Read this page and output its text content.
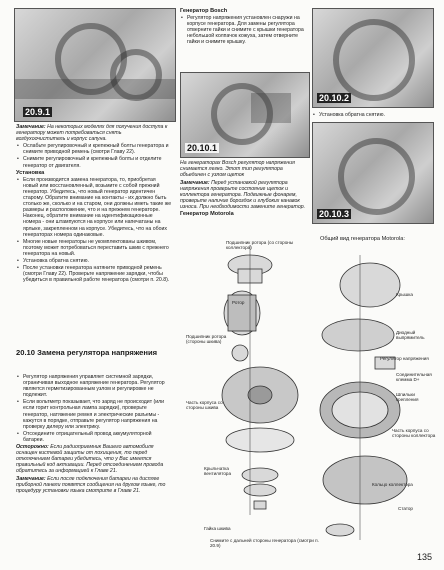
20.9.1

Замечание: На некоторых моделях для получения доступа к генератору может потребоваться снять воздухоочиститель и корпус сапуна.

• Ослабьте регулировочный и крепежный болты генератора и снимите приводной ремень (смотри Главу 22).
• Снимите регулировочный и крепежный болты и отделите генератор от двигателя.

Установка

• Если производится замена генератора, то, приобретая новый или восстановленный, возьмите с собой прежний генератор. Убедитесь, что новый генератор идентичен старому. Обратите внимание на контакты - их должно быть столько же, сколько и на старом, они должны иметь такие же размеры и расположение, что и на прежнем генераторе. Наконец, обратите внимание на идентификационные номера - они штампуются на корпусе или напечатаны на ярлыке, закрепленном на корпусе. Убедитесь, что на обоих генераторах номера одинаковые.
• Многие новые генераторы не укомплектованы шкивом, поэтому может потребоваться переставить шкив с прежнего генератора на новый.
• Установка обратна снятию.
• После установки генератора натяните приводной ремень (смотри Главу 22). Проверьте напряжение зарядки, чтобы убедиться в правильной работе генератора (смотри п. 20.8).
20.10 Замена регулятора напряжения
• Регулятор напряжения управляет системной зарядки, ограничивая выходное напряжение генератора. Регулятор является герметизированным узлом и регулировке не подлежит.
• Если вольтметр показывает, что заряд не происходит (или если горит контрольная лампа зарядки), проверьте генератор, натяжение ремня и электрические разъемы - кажутся в порядке, отправьте регулятор напряжения на проверку дилеру или электрику.
• Отсоедините отрицательный провод аккумуляторной батареи.

Осторожно: Если радиоприемник Вашего автомобиля оснащен кистевой защиты от похищения, то перед отключением батареи убедитесь, что у Вас имеется правильный код активации. Перед отсоединением провода обратитесь за информацией к Главе 21.

Замечание: Если после подключения батареи на дисплее приборной панели появятся сообщения на другом языке, то процедуру установки языка смотрите в Главе 21.

Генератор Bosch

• Регулятор напряжения установлен снаружи на корпусе генератора. Для замены регулятора отверните гайки и снимите с крышки генератора небольшой колпачок кожуха, затем отверните гайки и снимите крышку.
20.10.1
На генераторах Bosch регулятор напряжения снимается легко. Этот тип регулятора объединен с узлом щеток

Замечание: Перед установкой регулятора напряжения проверьте состояние щеток и коллектора генератора. Подвижные фонарем, проверьте наличие бороздок и глубоких канавок износа. При необходимости замените генератор.

Генератор Motorola

20.10.2
• Установка обратна снятию.
20.10.3
Общий вид генератора Motorola:
Подшипник ротора (со стороны коллектора)
Ротор
Крышка
Подшипник ротора (стороны шкива)
Диодный выпрямитель
Регулятор напряжения
Соединительная клемма D+
Шпильки крепления
Часть корпуса со стороны шкива
Часть корпуса со стороны коллектора
Крыльчатка вентилятора
Кольцо коллектора
Статор
Гайка шкива
Снимите с дальней стороны генератора (смотри п. 20.9)
135
